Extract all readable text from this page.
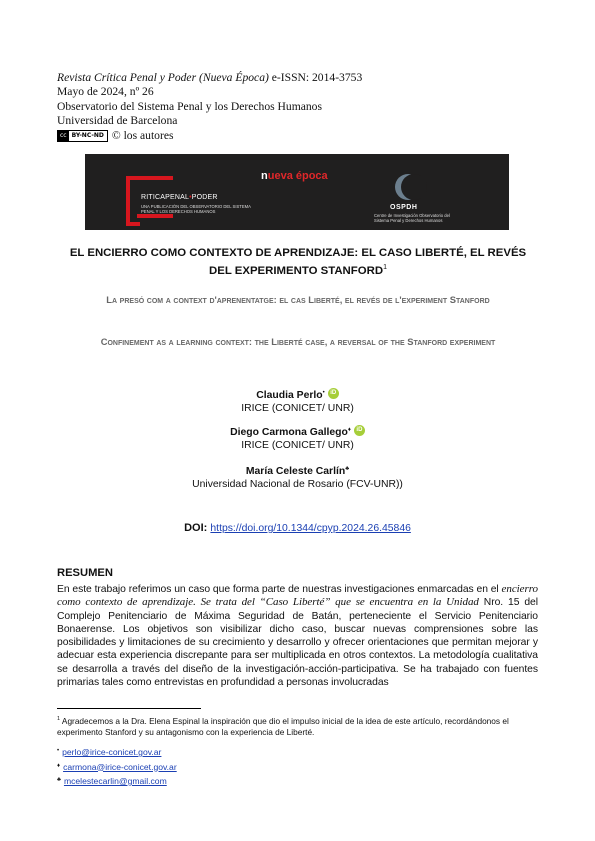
Revista Crítica Penal y Poder (Nueva Época) e-ISSN: 2014-3753
Mayo de 2024, nº 26
Observatorio del Sistema Penal y los Derechos Humanos
Universidad de Barcelona
cc BY-NC-ND © los autores
RITICAPENAL•PODER
UNA PUBLICACIÓN DEL OBSERVATORIO DEL SISTEMA PENAL Y LOS DERECHOS HUMANOS
nueva época
OSPDH
Centre de Investigación Observatorio del Sistema Penal y Derechos Humanos
EL ENCIERRO COMO CONTEXTO DE APRENDIZAJE: EL CASO LIBERTÉ, EL REVÉS DEL EXPERIMENTO STANFORD$^1$
La presó com a context d'aprenentatge: el cas Liberté, el revés de l'experiment Stanford
Confinement as a learning context: the Liberté case, a reversal of the Stanford experiment
Claudia Perlo• iD
IRICE (CONICET/ UNR)
Diego Carmona Gallego♦ iD
IRICE (CONICET/ UNR)
María Celeste Carlín♣
Universidad Nacional de Rosario (FCV-UNR))
DOI: https://doi.org/10.1344/cpyp.2024.26.45846
RESUMEN
En este trabajo referimos un caso que forma parte de nuestras investigaciones enmarcadas en el encierro como contexto de aprendizaje. Se trata del “Caso Liberté” que se encuentra en la Unidad Nro. 15 del Complejo Penitenciario de Máxima Seguridad de Batán, perteneciente el Servicio Penitenciario Bonaerense. Los objetivos son visibilizar dicho caso, buscar nuevas comprensiones sobre las posibilidades y limitaciones de su crecimiento y desarrollo y ofrecer orientaciones que permitan mejorar y adecuar esta experiencia discrepante para ser multiplicada en otros contextos. La metodología cualitativa se desarrolla a través del diseño de la investigación-acción-participativa. Se ha trabajado con fuentes primarias tales como entrevistas en profundidad a personas involucradas
$^1$ Agradecemos a la Dra. Elena Espinal la inspiración que dio el impulso inicial de la idea de este artículo, recordándonos el experimento Stanford y su antagonismo con la experiencia de Liberté.
• perlo@irice-conicet.gov.ar
♦ carmona@irice-conicet.gov.ar
♣ mcelestecarlin@gmail.com
